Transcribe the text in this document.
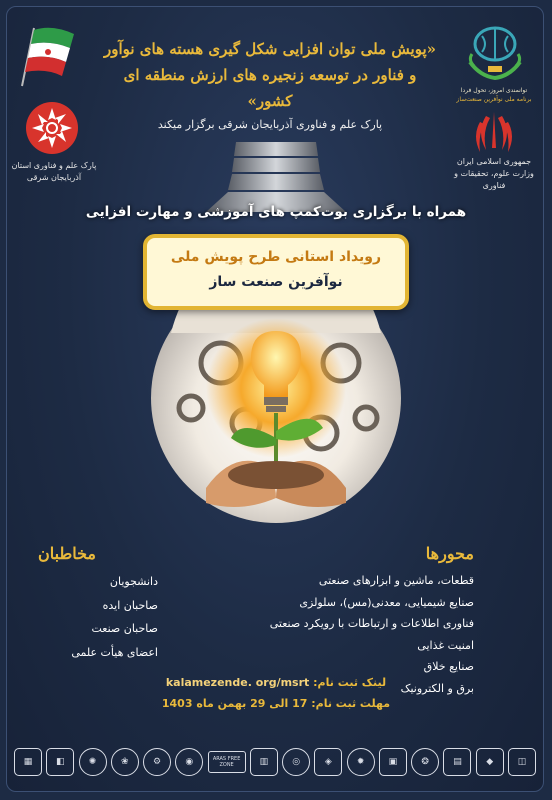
پارک علم و فناوری استان آذربایجان شرقی
«پویش ملی توان افزایی شکل گیری هسته های نوآور و فناور در توسعه زنجیره های ارزش منطقه ای کشور»
پارک علم و فناوری آذربایجان شرقی برگزار میکند
توانمندی امروز، تحول فردا
برنامه ملی نوآفرین صنعت‌ساز
جمهوری اسلامی ایران وزارت علوم، تحقیقات و فناوری
همراه با برگزاری بوت‌کمپ های آموزشی و مهارت افزایی
رویداد استانی طرح پویش ملی
نوآفرین صنعت ساز
محورها
قطعات، ماشین و ابزارهای صنعتی
صنایع شیمیایی، معدنی(مس)، سلولزی
فناوری اطلاعات و ارتباطات با رویکرد صنعتی
امنیت غذایی
صنایع خلاق
برق و الکترونیک
مخاطبان
دانشجویان
صاحبان ایده
صاحبان صنعت
اعضای هیأت علمی
لینک ثبت نام: kalamezende. org/msrt
مهلت ثبت نام: 17 الی 29 بهمن ماه 1403
▦	◧	✺	❀	⚙	◉	ARAS FREE ZONE	▥	◎	◈	✹	▣	❂	▤	◆	◫
